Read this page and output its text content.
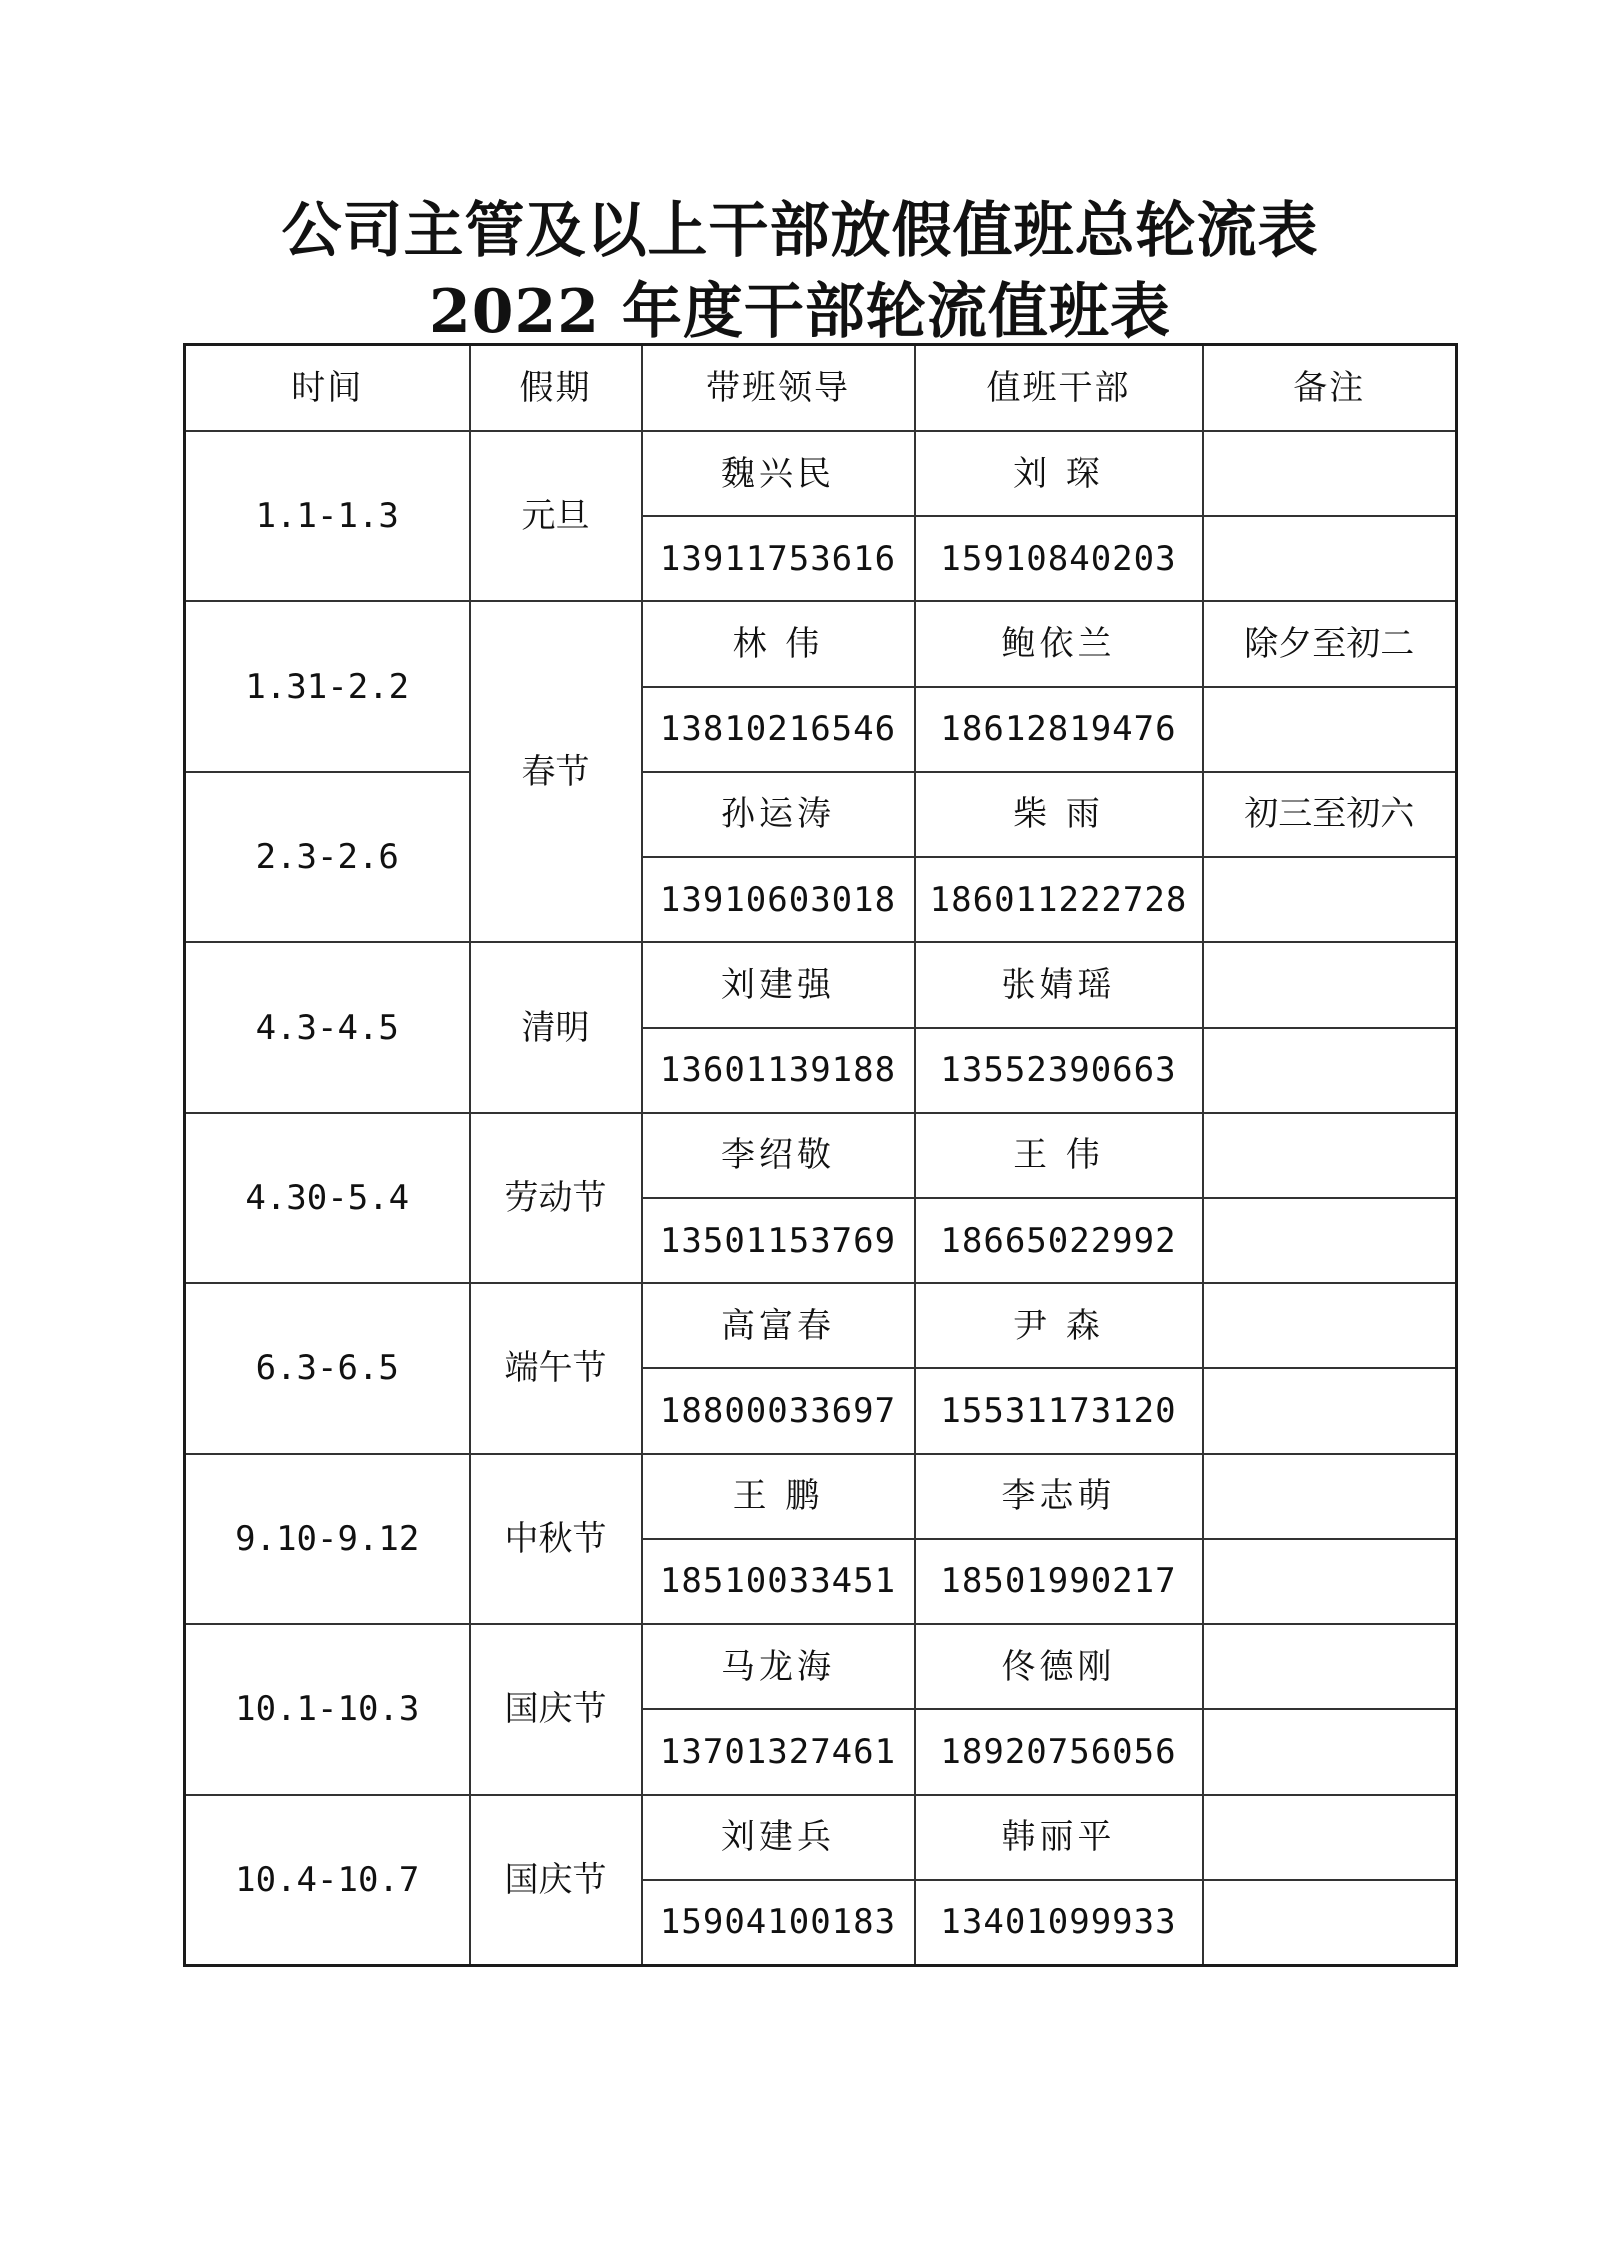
公司主管及以上干部放假值班总轮流表
2022 年度干部轮流值班表
时间	假期	带班领导	值班干部	备注
1.1-1.3	元旦	魏兴民	刘 琛	
		13911753616	15910840203	
1.31-2.2	春节	林 伟	鲍依兰	除夕至初二
		13810216546	18612819476	
2.3-2.6		孙运涛	柴 雨	初三至初六
		13910603018	186011222728	
4.3-4.5	清明	刘建强	张婧瑶	
		13601139188	13552390663	
4.30-5.4	劳动节	李绍敬	王 伟	
		13501153769	18665022992	
6.3-6.5	端午节	高富春	尹 森	
		18800033697	15531173120	
9.10-9.12	中秋节	王 鹏	李志萌	
		18510033451	18501990217	
10.1-10.3	国庆节	马龙海	佟德刚	
		13701327461	18920756056	
10.4-10.7	国庆节	刘建兵	韩丽平	
		15904100183	13401099933	
